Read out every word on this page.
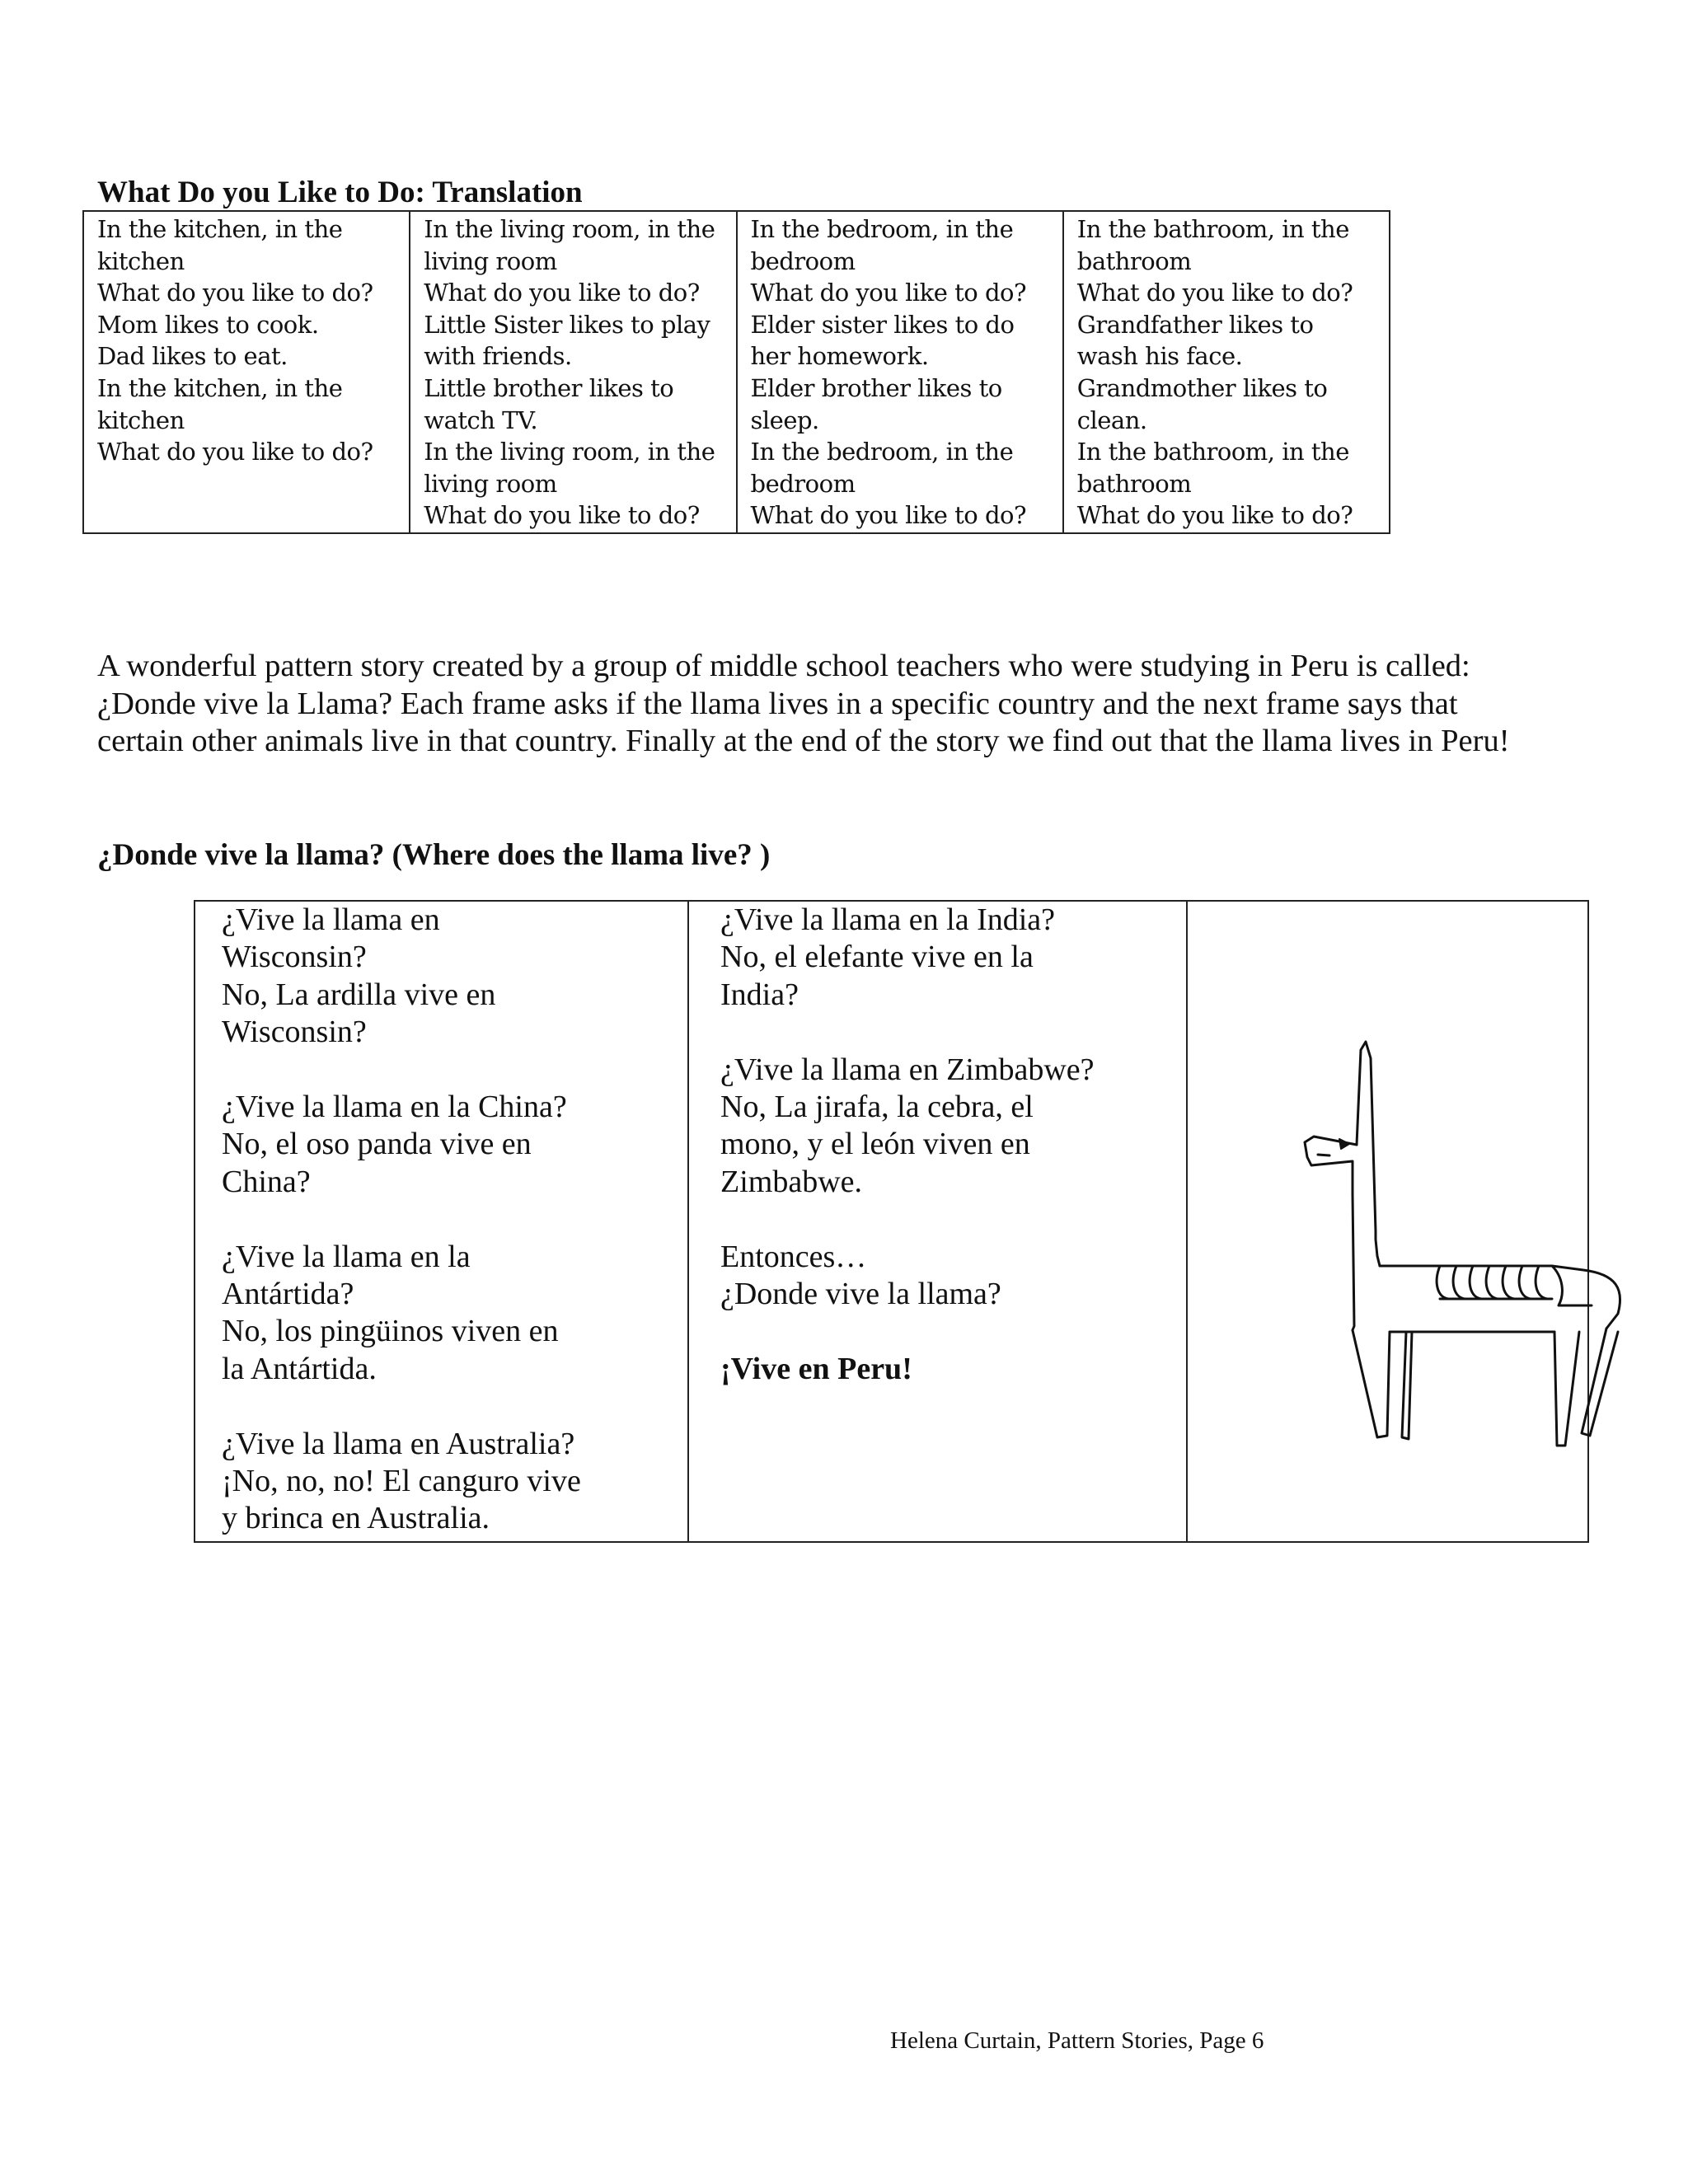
What Do you Like to Do: Translation
In the kitchen, in the
kitchen
What do you like to do?
Mom likes to cook.
Dad likes to eat.
In the kitchen, in the
kitchen
What do you like to do?

In the living room, in the
living room
What do you like to do?
Little Sister likes to play
with friends.
Little brother likes to
watch TV.
In the living room, in the
living room
What do you like to do?

In the bedroom, in the
bedroom
What do you like to do?
Elder sister likes to do
her homework.
Elder brother likes to
sleep.
In the bedroom, in the
bedroom
What do you like to do?

In the bathroom, in the
bathroom
What do you like to do?
Grandfather likes to
wash his face.
Grandmother likes to
clean.
In the bathroom, in the
bathroom
What do you like to do?
A wonderful pattern story created by a group of middle school teachers who were studying in Peru is called:
¿Donde vive la Llama? Each frame asks if the llama lives in a specific country and the next frame says that
certain other animals live in that country. Finally at the end of the story we find out that the llama lives in Peru!
¿Donde vive la llama? (Where does the llama live? )
¿Vive la llama en
Wisconsin?
No, La ardilla vive en
Wisconsin?
¿Vive la llama en la China?
No, el oso panda vive en
China?
¿Vive la llama en la
Antártida?
No, los pingüinos viven en
la Antártida.
¿Vive la llama en Australia?
¡No, no, no! El canguro vive
y brinca en Australia.

¿Vive la llama en la India?
No, el elefante vive en la
India?
¿Vive la llama en Zimbabwe?
No, La jirafa, la cebra, el
mono, y el león viven en
Zimbabwe.
Entonces…
¿Donde vive la llama?
¡Vive en Peru!

Helena Curtain, Pattern Stories, Page 6
